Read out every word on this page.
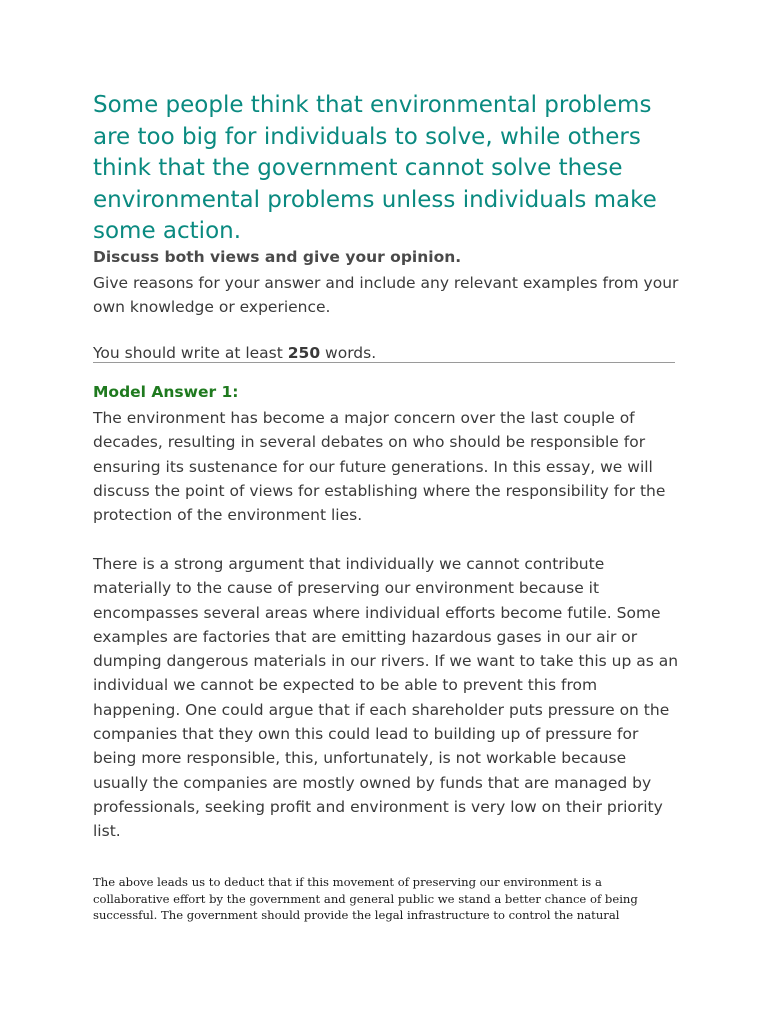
Some people think that environmental problems are too big for individuals to solve, while others think that the government cannot solve these environmental problems unless individuals make some action.

Discuss both views and give your opinion.

Give reasons for your answer and include any relevant examples from your own knowledge or experience.

You should write at least 250 words.

Model Answer 1:

The environment has become a major concern over the last couple of decades, resulting in several debates on who should be responsible for ensuring its sustenance for our future generations. In this essay, we will discuss the point of views for establishing where the responsibility for the protection of the environment lies.

There is a strong argument that individually we cannot contribute materially to the cause of preserving our environment because it encompasses several areas where individual efforts become futile. Some examples are factories that are emitting hazardous gases in our air or dumping dangerous materials in our rivers. If we want to take this up as an individual we cannot be expected to be able to prevent this from happening. One could argue that if each shareholder puts pressure on the companies that they own this could lead to building up of pressure for being more responsible, this, unfortunately, is not workable because usually the companies are mostly owned by funds that are managed by professionals, seeking profit and environment is very low on their priority list.

The above leads us to deduct that if this movement of preserving our environment is a collaborative effort by the government and general public we stand a better chance of being successful. The government should provide the legal infrastructure to control the natural
